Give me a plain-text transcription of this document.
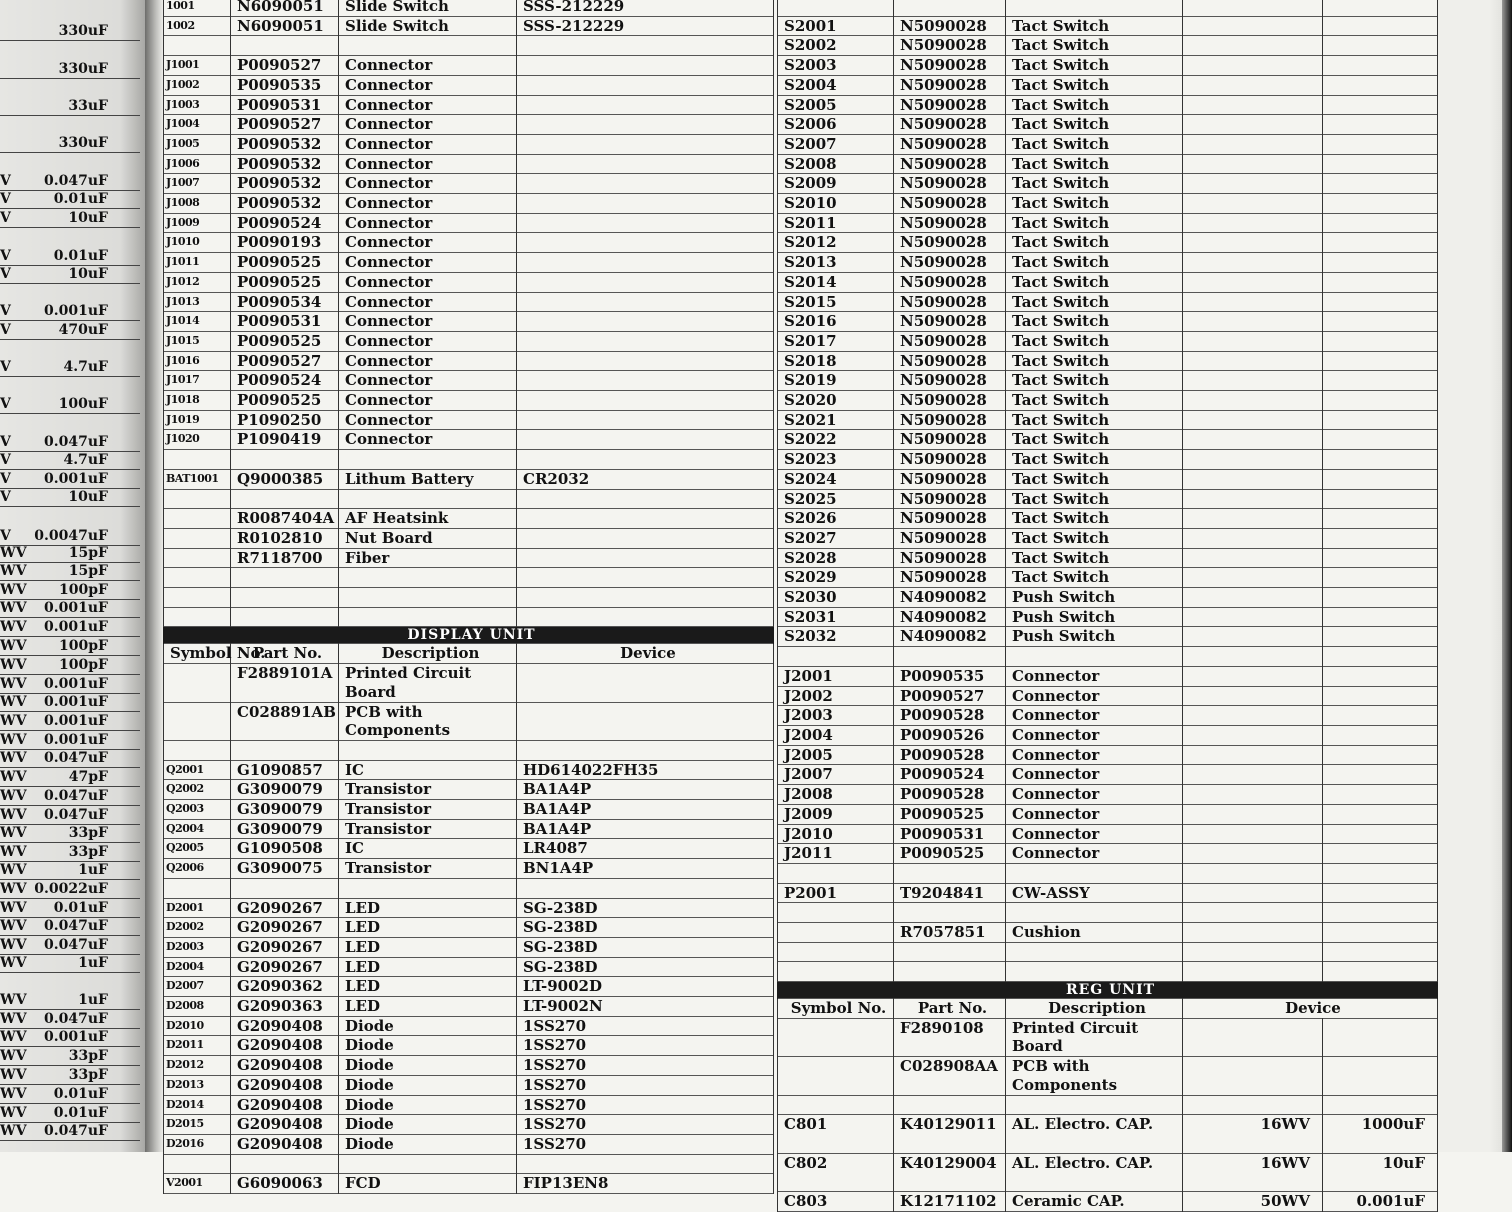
330uF
330uF
33uF
330uF
V 0.047uF
V	0.01uF
V	10uF
V	0.01uF
V	10uF
V 0.001uF
V	470uF
V	4.7uF
V	100uF
V 0.047uF
V	4.7uF
V 0.001uF
V	10uF
V 0.0047uF
WV	15pF
WV	15pF
WV 100pF
WV 0.001uF
WV 0.001uF
WV 100pF
WV 100pF
WV 0.001uF
WV 0.001uF
WV 0.001uF
WV 0.001uF
WV 0.047uF
WV	47pF
WV 0.047uF
WV 0.047uF
WV	33pF
WV	33pF
WV	1uF
WV 0.0022uF
WV 0.01uF
WV 0.047uF
WV 0.047uF
WV	1uF
WV	1uF
WV 0.047uF
WV 0.001uF
WV	33pF
WV	33pF
WV 0.01uF
WV 0.01uF
WV 0.047uF
1001	N6090051	Slide Switch	SSS-212229
1002	N6090051	Slide Switch	SSS-212229

J1001	P0090527	Connector	
J1002	P0090535	Connector	
J1003	P0090531	Connector	
J1004	P0090527	Connector	
J1005	P0090532	Connector	
J1006	P0090532	Connector	
J1007	P0090532	Connector	
J1008	P0090532	Connector	
J1009	P0090524	Connector	
J1010	P0090193	Connector	
J1011	P0090525	Connector	
J1012	P0090525	Connector	
J1013	P0090534	Connector	
J1014	P0090531	Connector	
J1015	P0090525	Connector	
J1016	P0090527	Connector	
J1017	P0090524	Connector	
J1018	P0090525	Connector	
J1019	P1090250	Connector	
J1020	P1090419	Connector	

BAT1001	Q9000385	Lithum Battery	CR2032

	R0087404A	AF Heatsink	
	R0102810	Nut Board	
	R7118700	Fiber	

DISPLAY UNIT			
Symbol No.	Part No.	Description	Device
	F2889101A	Printed Circuit Board	
	C028891AB	PCB with Components	

Q2001	G1090857	IC	HD614022FH35
Q2002	G3090079	Transistor	BA1A4P
Q2003	G3090079	Transistor	BA1A4P
Q2004	G3090079	Transistor	BA1A4P
Q2005	G1090508	IC	LR4087
Q2006	G3090075	Transistor	BN1A4P

D2001	G2090267	LED	SG-238D
D2002	G2090267	LED	SG-238D
D2003	G2090267	LED	SG-238D
D2004	G2090267	LED	SG-238D
D2007	G2090362	LED	LT-9002D
D2008	G2090363	LED	LT-9002N
D2010	G2090408	Diode	1SS270
D2011	G2090408	Diode	1SS270
D2012	G2090408	Diode	1SS270
D2013	G2090408	Diode	1SS270
D2014	G2090408	Diode	1SS270
D2015	G2090408	Diode	1SS270
D2016	G2090408	Diode	1SS270

V2001	G6090063	FCD	FIP13EN8

S2001	N5090028	Tact Switch		
S2002	N5090028	Tact Switch		
S2003	N5090028	Tact Switch		
S2004	N5090028	Tact Switch		
S2005	N5090028	Tact Switch		
S2006	N5090028	Tact Switch		
S2007	N5090028	Tact Switch		
S2008	N5090028	Tact Switch		
S2009	N5090028	Tact Switch		
S2010	N5090028	Tact Switch		
S2011	N5090028	Tact Switch		
S2012	N5090028	Tact Switch		
S2013	N5090028	Tact Switch		
S2014	N5090028	Tact Switch		
S2015	N5090028	Tact Switch		
S2016	N5090028	Tact Switch		
S2017	N5090028	Tact Switch		
S2018	N5090028	Tact Switch		
S2019	N5090028	Tact Switch		
S2020	N5090028	Tact Switch		
S2021	N5090028	Tact Switch		
S2022	N5090028	Tact Switch		
S2023	N5090028	Tact Switch		
S2024	N5090028	Tact Switch		
S2025	N5090028	Tact Switch		
S2026	N5090028	Tact Switch		
S2027	N5090028	Tact Switch		
S2028	N5090028	Tact Switch		
S2029	N5090028	Tact Switch		
S2030	N4090082	Push Switch		
S2031	N4090082	Push Switch		
S2032	N4090082	Push Switch		

J2001	P0090535	Connector		
J2002	P0090527	Connector		
J2003	P0090528	Connector		
J2004	P0090526	Connector		
J2005	P0090528	Connector		
J2007	P0090524	Connector		
J2008	P0090528	Connector		
J2009	P0090525	Connector		
J2010	P0090531	Connector		
J2011	P0090525	Connector		

P2001	T9204841	CW-ASSY		

	R7057851	Cushion		

REG UNIT				
Symbol No.	Part No.	Description	Device	
	F2890108	Printed Circuit Board		
	C028908AA	PCB with Components		

C801	K40129011	AL. Electro. CAP.	16WV	1000uF
C802	K40129004	AL. Electro. CAP.	16WV	10uF
C803	K12171102	Ceramic CAP.	50WV	0.001uF
